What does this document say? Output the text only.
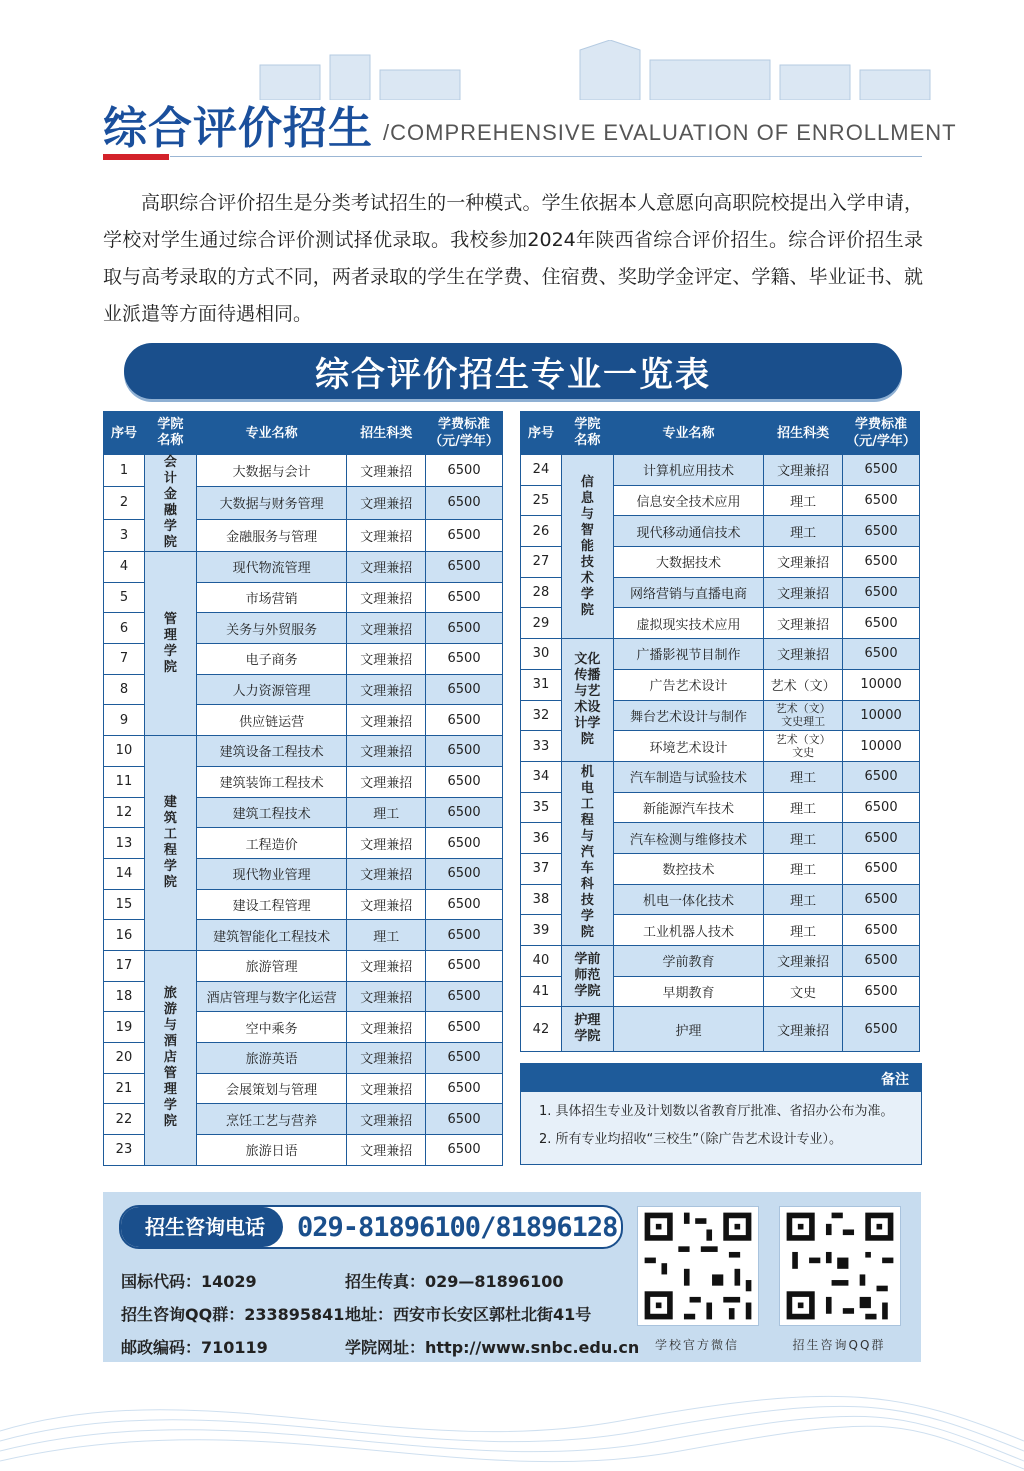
综合评价招生 /COMPREHENSIVE EVALUATION OF ENROLLMENT
高职综合评价招生是分类考试招生的一种模式。学生依据本人意愿向高职院校提出入学申请，学校对学生通过综合评价测试择优录取。我校参加2024年陕西省综合评价招生。综合评价招生录取与高考录取的方式不同，两者录取的学生在学费、住宿费、奖助学金评定、学籍、毕业证书、就业派遣等方面待遇相同。
综合评价招生专业一览表
序号	学院名称	专业名称	招生科类	学费标准（元/学年）
1	会计金融学院	大数据与会计	文理兼招	6500
2		大数据与财务管理	文理兼招	6500
3		金融服务与管理	文理兼招	6500
4	管理学院	现代物流管理	文理兼招	6500
5		市场营销	文理兼招	6500
6		关务与外贸服务	文理兼招	6500
7		电子商务	文理兼招	6500
8		人力资源管理	文理兼招	6500
9		供应链运营	文理兼招	6500
10	建筑工程学院	建筑设备工程技术	文理兼招	6500
11		建筑装饰工程技术	文理兼招	6500
12		建筑工程技术	理工	6500
13		工程造价	文理兼招	6500
14		现代物业管理	文理兼招	6500
15		建设工程管理	文理兼招	6500
16		建筑智能化工程技术	理工	6500
17	旅游与酒店管理学院	旅游管理	文理兼招	6500
18		酒店管理与数字化运营	文理兼招	6500
19		空中乘务	文理兼招	6500
20		旅游英语	文理兼招	6500
21		会展策划与管理	文理兼招	6500
22		烹饪工艺与营养	文理兼招	6500
23		旅游日语	文理兼招	6500
序号	学院名称	专业名称	招生科类	学费标准（元/学年）
24	信息与智能技术学院	计算机应用技术	文理兼招	6500
25		信息安全技术应用	理工	6500
26		现代移动通信技术	理工	6500
27		大数据技术	文理兼招	6500
28		网络营销与直播电商	文理兼招	6500
29		虚拟现实技术应用	文理兼招	6500
30	文化传播与艺术设计学院	广播影视节目制作	文理兼招	6500
31		广告艺术设计	艺术（文）	10000
32		舞台艺术设计与制作	艺术（文）
文史理工	10000
33		环境艺术设计	艺术（文）
文史	10000
34	机电工程与汽车科技学院	汽车制造与试验技术	理工	6500
35		新能源汽车技术	理工	6500
36		汽车检测与维修技术	理工	6500
37		数控技术	理工	6500
38		机电一体化技术	理工	6500
39		工业机器人技术	理工	6500
40	学前师范学院	学前教育	文理兼招	6500
41		早期教育	文史	6500
42	护理学院	护理	文理兼招	6500
备注

1. 具体招生专业及计划数以省教育厅批准、省招办公布为准。

2. 所有专业均招收“三校生”（除广告艺术设计专业）。

招生咨询电话	029-81896100/81896128
国标代码：14029	招生传真：029—81896100
招生咨询QQ群：233895841 地址：西安市长安区郭杜北街41号
邮政编码：710119	学院网址：http://www.snbc.edu.cn	学校官方微信	招生咨询QQ群
